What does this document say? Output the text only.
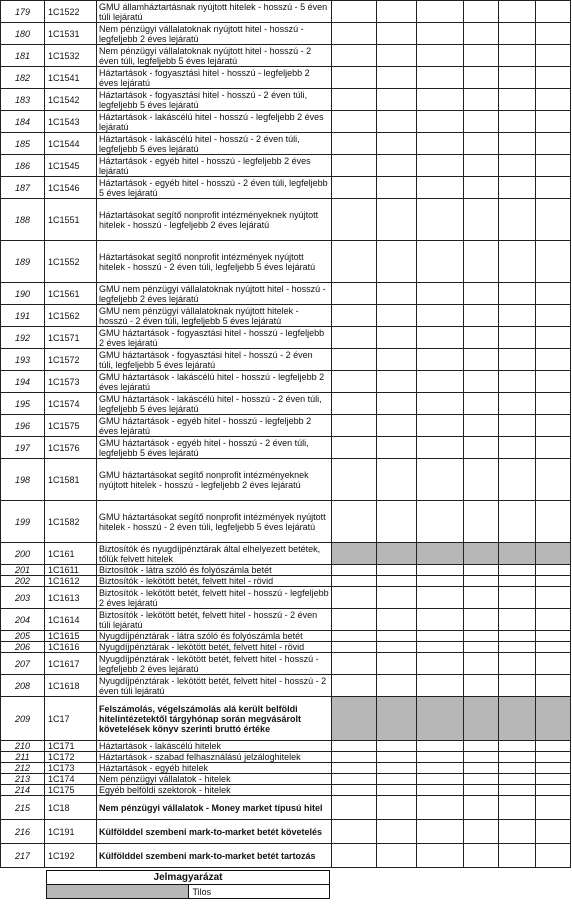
179	1C1522	GMU államháztartásnak nyújtott hitelek - hosszú - 5 éven túli lejáratú						
180	1C1531	Nem pénzügyi vállalatoknak nyújtott hitel - hosszú - legfeljebb 2 éves lejáratú						
181	1C1532	Nem pénzügyi vállalatoknak nyújtott hitel - hosszú - 2 éven túli, legfeljebb 5 éves lejáratú						
182	1C1541	Háztartások - fogyasztási hitel - hosszú - legfeljebb 2 éves lejáratú						
183	1C1542	Háztartások - fogyasztási hitel - hosszú - 2 éven túli, legfeljebb 5 éves lejáratú						
184	1C1543	Háztartások - lakáscélú hitel - hosszú - legfeljebb 2 éves lejáratú						
185	1C1544	Háztartások - lakáscélú hitel - hosszú - 2 éven túli, legfeljebb 5 éves lejáratú						
186	1C1545	Háztartások - egyéb hitel - hosszú - legfeljebb 2 éves lejáratú						
187	1C1546	Háztartások - egyéb hitel - hosszú - 2 éven túli, legfeljebb 5 éves lejáratú						
188	1C1551	Háztartásokat segítő nonprofit intézményeknek nyújtott hitelek - hosszú - legfeljebb 2 éves lejáratú						
189	1C1552	Háztartásokat segítő nonprofit intézmények nyújtott hitelek - hosszú - 2 éven túli, legfeljebb 5 éves lejáratú						
190	1C1561	GMU nem pénzügyi vállalatoknak nyújtott hitel - hosszú - legfeljebb 2 éves lejáratú						
191	1C1562	GMU nem pénzügyi vállalatoknak nyújtott hitelek - hosszú - 2 éven túli, legfeljebb 5 éves lejáratú						
192	1C1571	GMU háztartások - fogyasztási hitel - hosszú - legfeljebb 2 éves lejáratú						
193	1C1572	GMU háztartások - fogyasztási hitel - hosszú - 2 éven túli, legfeljebb 5 éves lejáratú						
194	1C1573	GMU háztartások - lakáscélú hitel - hosszú - legfeljebb 2 éves lejáratú						
195	1C1574	GMU háztartások - lakáscélú hitel - hosszú - 2 éven túli, legfeljebb 5 éves lejáratú						
196	1C1575	GMU háztartások - egyéb hitel - hosszú - legfeljebb 2 éves lejáratú						
197	1C1576	GMU háztartások - egyéb hitel - hosszú - 2 éven túli, legfeljebb 5 éves lejáratú						
198	1C1581	GMU háztartásokat segítő nonprofit intézményeknek nyújtott hitelek - hosszú - legfeljebb 2 éves lejáratú						
199	1C1582	GMU háztartásokat segítő nonprofit intézmények nyújtott hitelek - hosszú - 2 éven túli, legfeljebb 5 éves lejáratú						
200	1C161	Biztosítók és nyugdíjpénztárak által elhelyezett betétek, tőlük felvett hitelek						
201	1C1611	Biztosítók - látra szóló és folyószámla betét						
202	1C1612	Biztosítók - lekötött betét, felvett hitel - rövid						
203	1C1613	Biztosítók - lekötött betét, felvett hitel - hosszú - legfeljebb 2 éves lejáratú						
204	1C1614	Biztosítók - lekötött betét, felvett hitel - hosszú - 2 éven túli lejáratú						
205	1C1615	Nyugdíjpénztárak - látra szóló és folyószámla betét						
206	1C1616	Nyugdíjpénztárak - lekötött betét, felvett hitel - rövid						
207	1C1617	Nyugdíjpénztárak - lekötött betét, felvett hitel - hosszú - legfeljebb 2 éves lejáratú						
208	1C1618	Nyugdíjpénztárak - lekötött betét, felvett hitel - hosszú - 2 éven túli lejáratú						
209	1C17	Felszámolás, végelszámolás alá került belföldi hitelintézetektől tárgyhónap során megvásárolt követelések könyv szerinti bruttó értéke						
210	1C171	Háztartások - lakáscélú hitelek						
211	1C172	Háztartások - szabad felhasználású jelzáloghitelek						
212	1C173	Háztartások - egyéb hitelek						
213	1C174	Nem pénzügyi vállalatok - hitelek						
214	1C175	Egyéb belföldi szektorok - hitelek						
215	1C18	Nem pénzügyi vállalatok - Money market típusú hitel						
216	1C191	Külfölddel szembeni mark-to-market betét követelés						
217	1C192	Külfölddel szembeni mark-to-market betét tartozás						
Jelmagyarázat
	Tilos
